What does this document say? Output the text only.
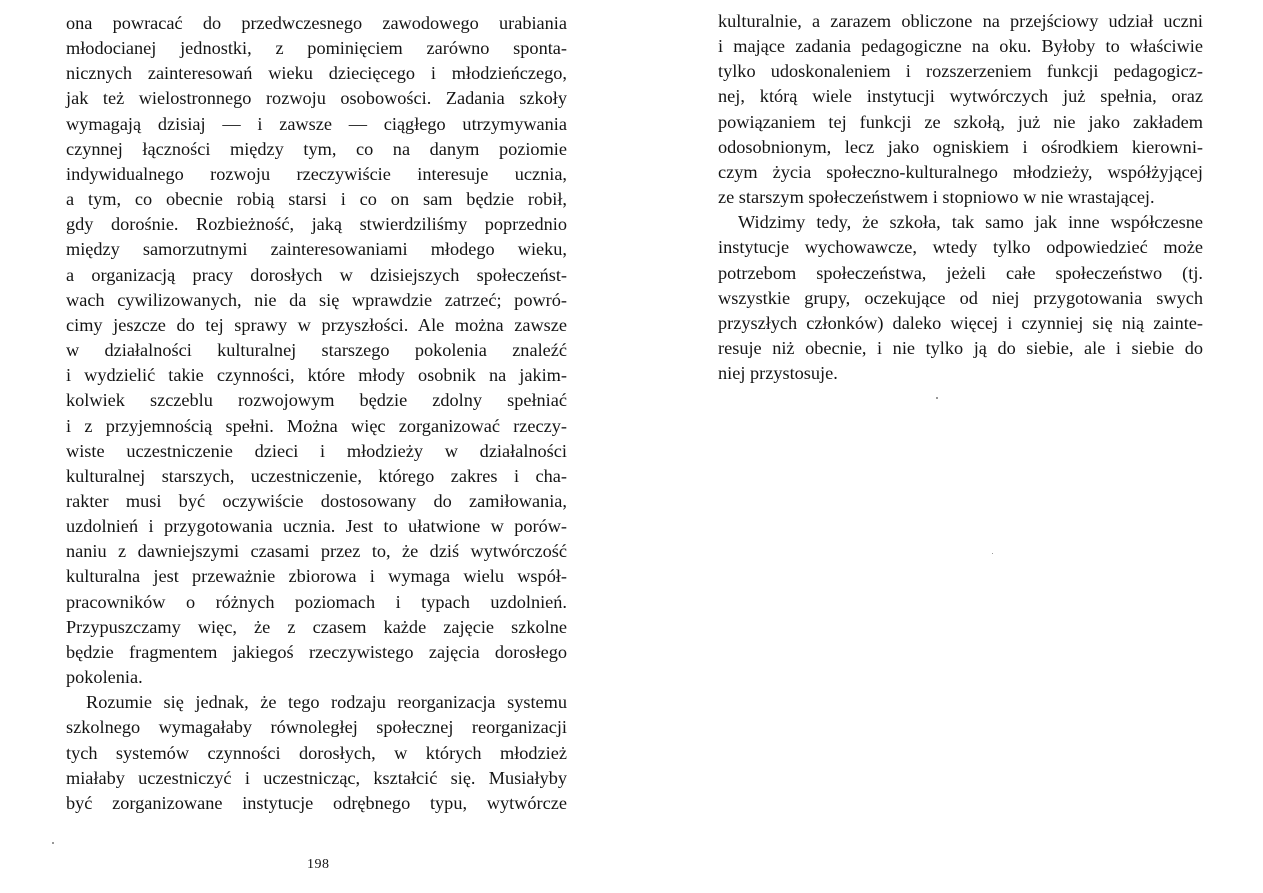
ona powracać do przedwczesnego zawodowego urabiania
młodocianej jednostki, z pominięciem zarówno sponta-
nicznych zainteresowań wieku dziecięcego i młodzieńczego,
jak też wielostronnego rozwoju osobowości. Zadania szkoły
wymagają dzisiaj — i zawsze — ciągłego utrzymywania
czynnej łączności między tym, co na danym poziomie
indywidualnego rozwoju rzeczywiście interesuje ucznia,
a tym, co obecnie robią starsi i co on sam będzie robił,
gdy dorośnie. Rozbieżność, jaką stwierdziliśmy poprzednio
między samorzutnymi zainteresowaniami młodego wieku,
a organizacją pracy dorosłych w dzisiejszych społeczeńst-
wach cywilizowanych, nie da się wprawdzie zatrzeć; powró-
cimy jeszcze do tej sprawy w przyszłości. Ale można zawsze
w działalności kulturalnej starszego pokolenia znaleźć
i wydzielić takie czynności, które młody osobnik na jakim-
kolwiek szczeblu rozwojowym będzie zdolny spełniać
i z przyjemnością spełni. Można więc zorganizować rzeczy-
wiste uczestniczenie dzieci i młodzieży w działalności
kulturalnej starszych, uczestniczenie, którego zakres i cha-
rakter musi być oczywiście dostosowany do zamiłowania,
uzdolnień i przygotowania ucznia. Jest to ułatwione w porów-
naniu z dawniejszymi czasami przez to, że dziś wytwórczość
kulturalna jest przeważnie zbiorowa i wymaga wielu współ-
pracowników o różnych poziomach i typach uzdolnień.
Przypuszczamy więc, że z czasem każde zajęcie szkolne
będzie fragmentem jakiegoś rzeczywistego zajęcia dorosłego
pokolenia.
Rozumie się jednak, że tego rodzaju reorganizacja systemu
szkolnego wymagałaby równoległej społecznej reorganizacji
tych systemów czynności dorosłych, w których młodzież
miałaby uczestniczyć i uczestnicząc, kształcić się. Musiałyby
być zorganizowane instytucje odrębnego typu, wytwórcze
198
kulturalnie, a zarazem obliczone na przejściowy udział uczni
i mające zadania pedagogiczne na oku. Byłoby to właściwie
tylko udoskonaleniem i rozszerzeniem funkcji pedagogicz-
nej, którą wiele instytucji wytwórczych już spełnia, oraz
powiązaniem tej funkcji ze szkołą, już nie jako zakładem
odosobnionym, lecz jako ogniskiem i ośrodkiem kierowni-
czym życia społeczno-kulturalnego młodzieży, współżyjącej
ze starszym społeczeństwem i stopniowo w nie wrastającej.
Widzimy tedy, że szkoła, tak samo jak inne współczesne
instytucje wychowawcze, wtedy tylko odpowiedzieć może
potrzebom społeczeństwa, jeżeli całe społeczeństwo (tj.
wszystkie grupy, oczekujące od niej przygotowania swych
przyszłych członków) daleko więcej i czynniej się nią zainte-
resuje niż obecnie, i nie tylko ją do siebie, ale i siebie do
niej przystosuje.
